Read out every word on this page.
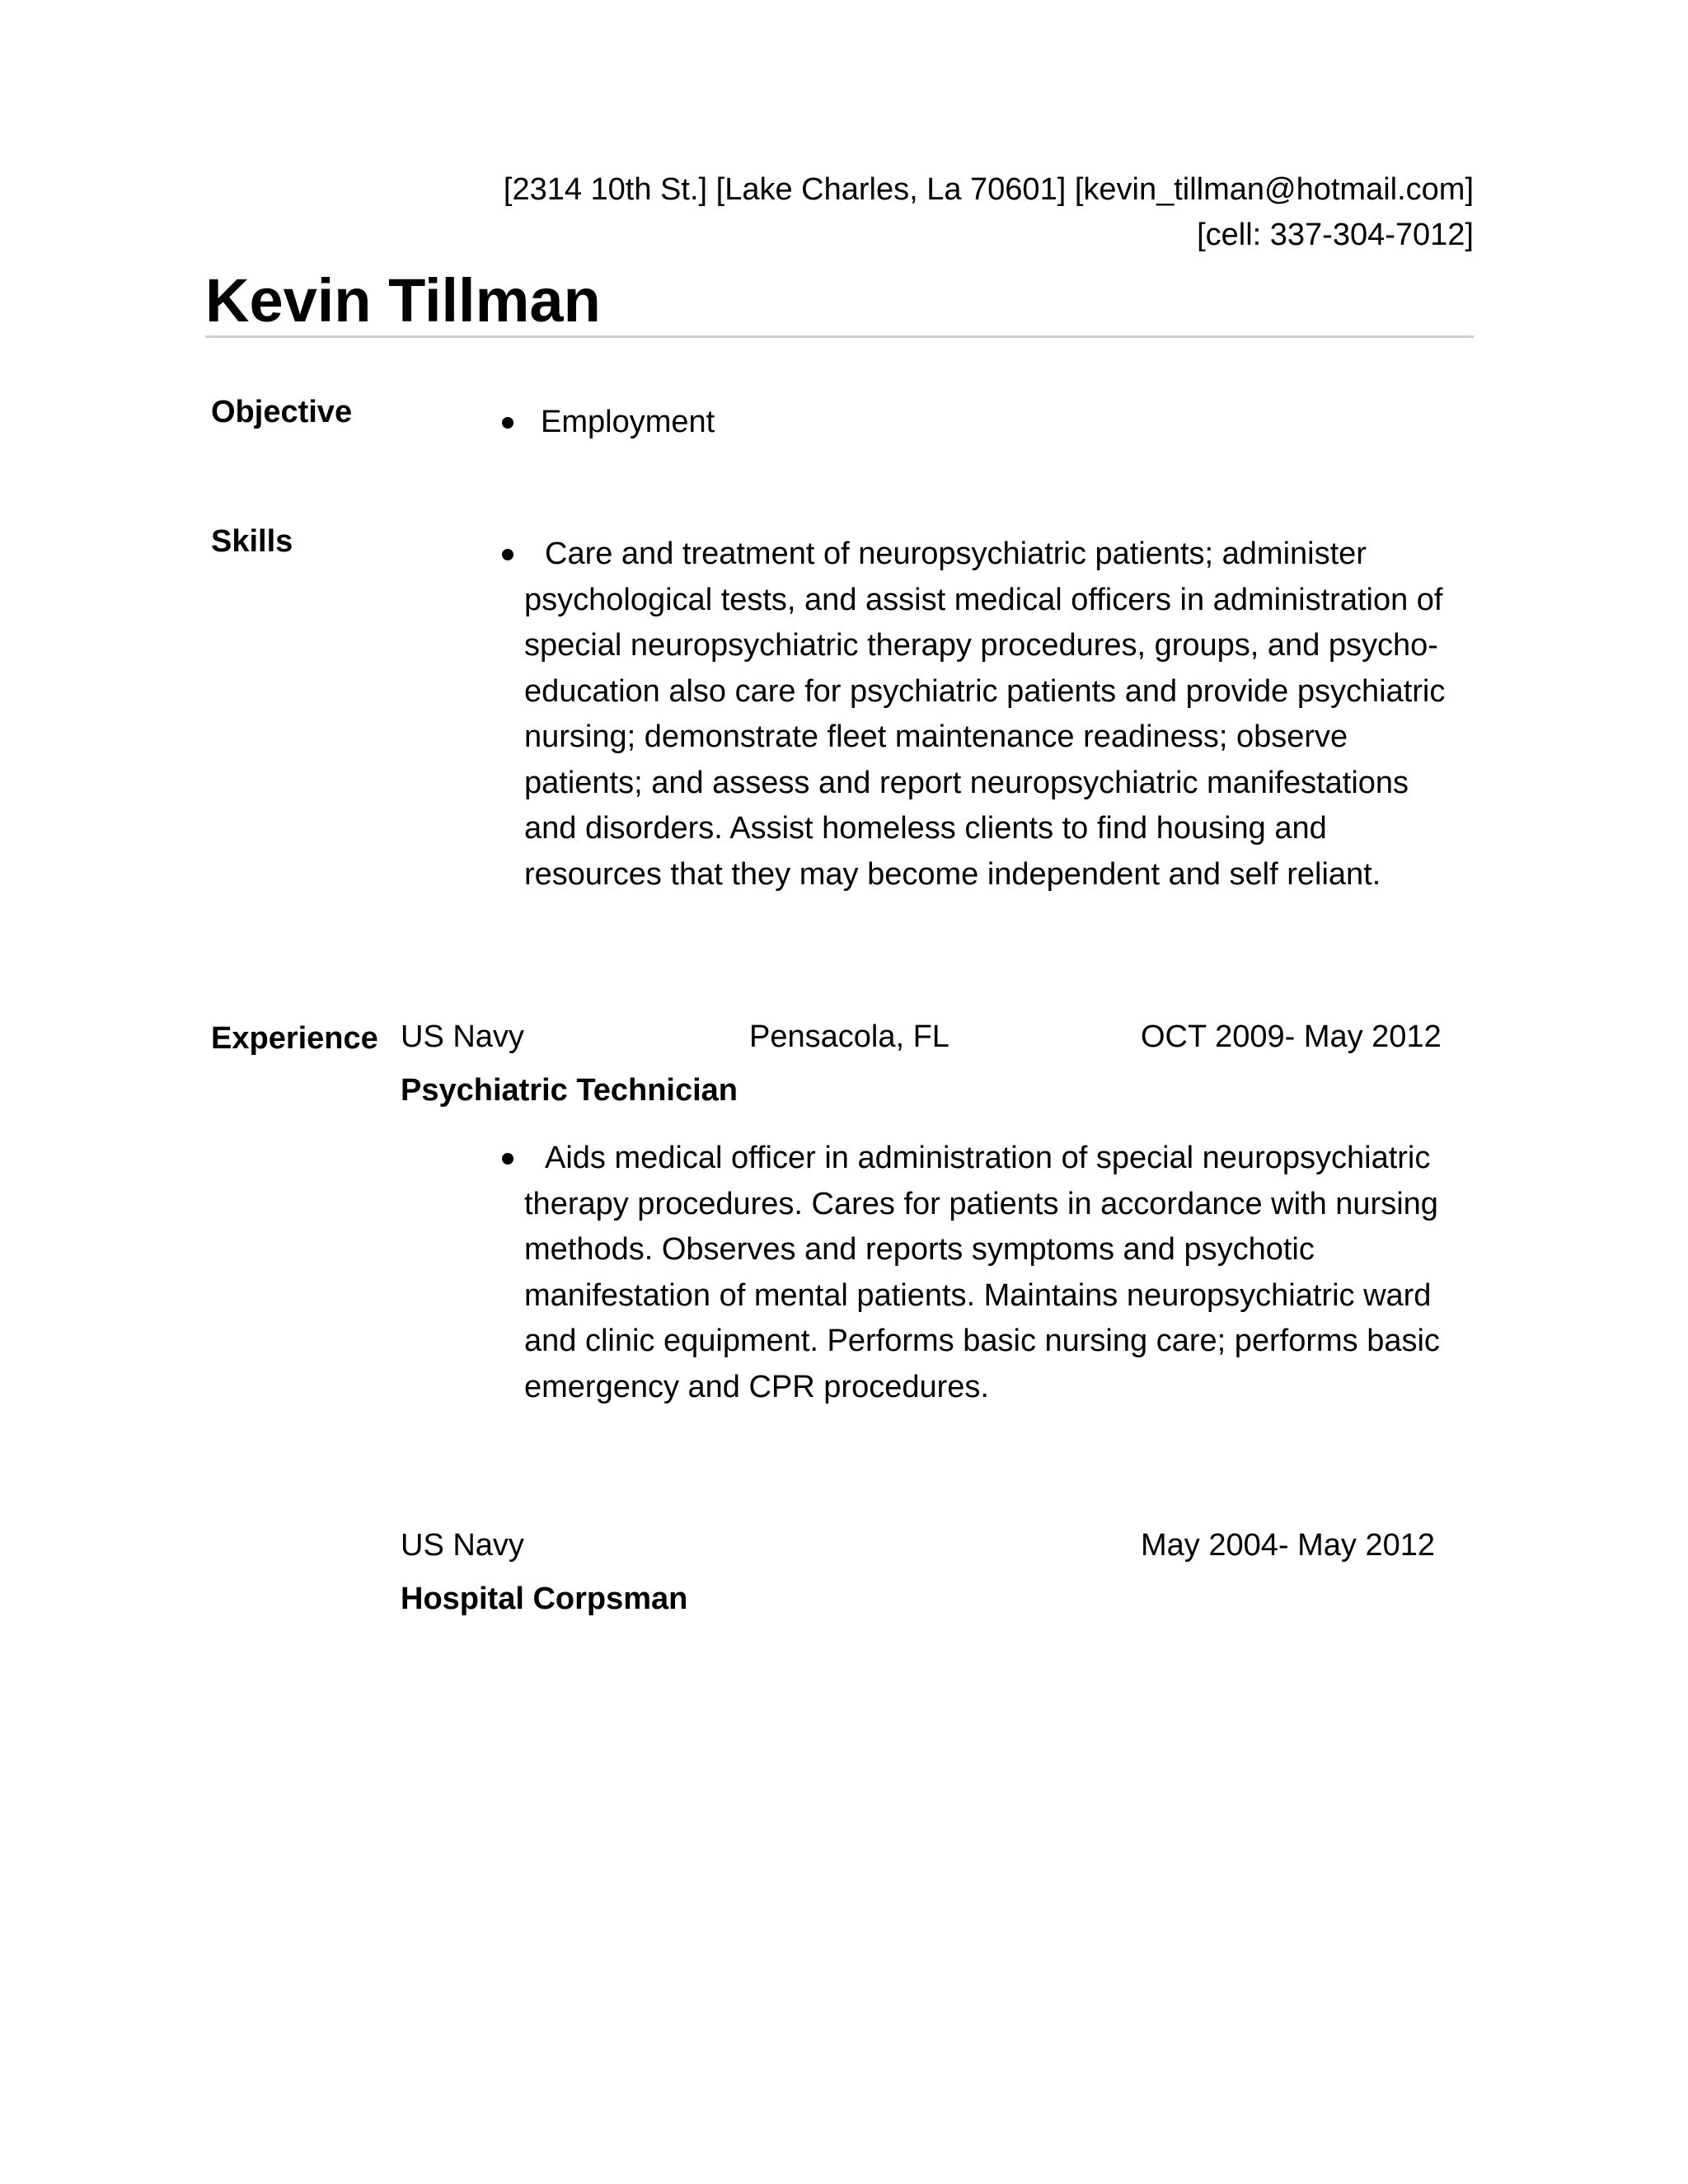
[2314 10th St.] [Lake Charles, La 70601] [kevin_tillman@hotmail.com]
[cell: 337-304-7012]
Kevin Tillman
Objective	Employment
Skills	Care and treatment of neuropsychiatric patients; administer psychological tests, and assist medical officers in administration of special neuropsychiatric therapy procedures, groups, and psycho-education also care for psychiatric patients and provide psychiatric nursing; demonstrate fleet maintenance readiness; observe patients; and assess and report neuropsychiatric manifestations and disorders. Assist homeless clients to find housing and resources that they may become independent and self reliant.
Experience US Navy	Pensacola, FL	OCT 2009- May 2012
Psychiatric Technician
Aids medical officer in administration of special neuropsychiatric therapy procedures. Cares for patients in accordance with nursing methods. Observes and reports symptoms and psychotic manifestation of mental patients. Maintains neuropsychiatric ward and clinic equipment. Performs basic nursing care; performs basic emergency and CPR procedures.
US Navy	May 2004- May 2012
Hospital Corpsman
